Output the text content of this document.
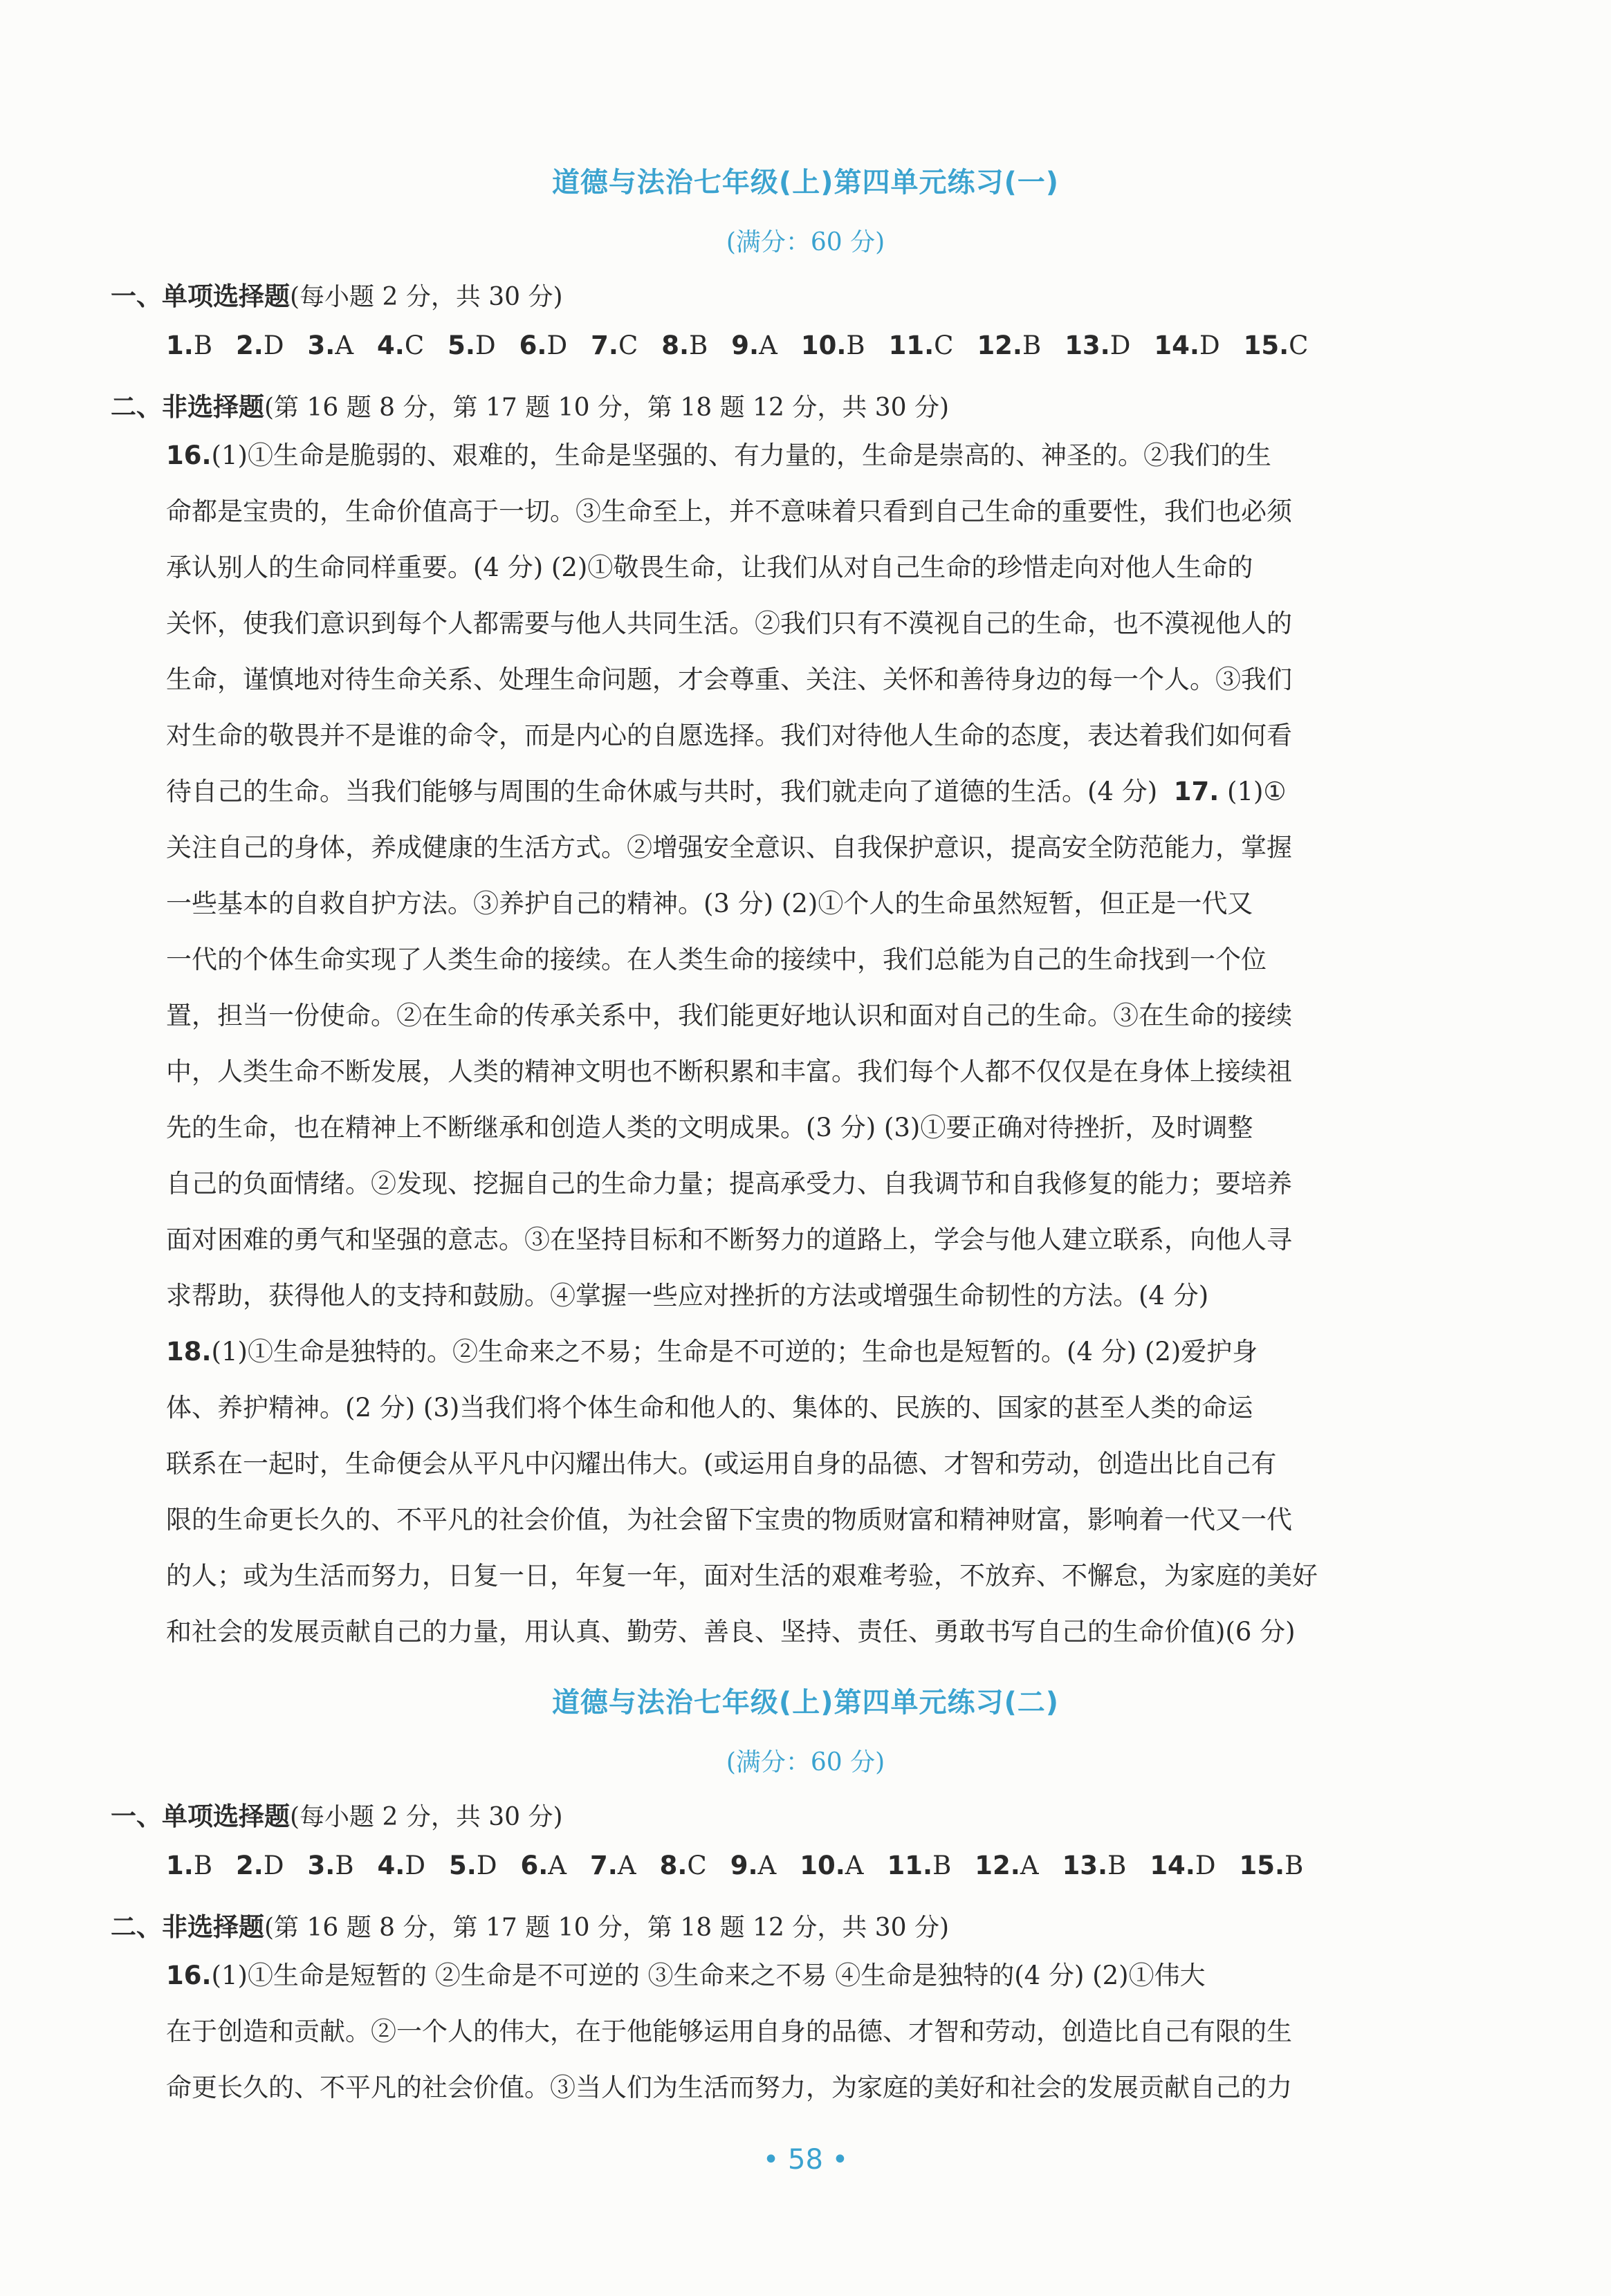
道德与法治七年级(上)第四单元练习(一)
(满分：60 分)
一、单项选择题(每小题 2 分，共 30 分)
1.B 2.D 3.A 4.C 5.D 6.D 7.C 8.B 9.A 10.B 11.C 12.B 13.D 14.D 15.C
二、非选择题(第 16 题 8 分，第 17 题 10 分，第 18 题 12 分，共 30 分)
16.(1)①生命是脆弱的、艰难的，生命是坚强的、有力量的，生命是崇高的、神圣的。②我们的生
命都是宝贵的，生命价值高于一切。③生命至上，并不意味着只看到自己生命的重要性，我们也必须
承认别人的生命同样重要。(4 分) (2)①敬畏生命，让我们从对自己生命的珍惜走向对他人生命的
关怀，使我们意识到每个人都需要与他人共同生活。②我们只有不漠视自己的生命，也不漠视他人的
生命，谨慎地对待生命关系、处理生命问题，才会尊重、关注、关怀和善待身边的每一个人。③我们
对生命的敬畏并不是谁的命令，而是内心的自愿选择。我们对待他人生命的态度，表达着我们如何看
待自己的生命。当我们能够与周围的生命休戚与共时，我们就走向了道德的生活。(4 分) 17. (1)①
关注自己的身体，养成健康的生活方式。②增强安全意识、自我保护意识，提高安全防范能力，掌握
一些基本的自救自护方法。③养护自己的精神。(3 分) (2)①个人的生命虽然短暂，但正是一代又
一代的个体生命实现了人类生命的接续。在人类生命的接续中，我们总能为自己的生命找到一个位
置，担当一份使命。②在生命的传承关系中，我们能更好地认识和面对自己的生命。③在生命的接续
中，人类生命不断发展，人类的精神文明也不断积累和丰富。我们每个人都不仅仅是在身体上接续祖
先的生命，也在精神上不断继承和创造人类的文明成果。(3 分) (3)①要正确对待挫折，及时调整
自己的负面情绪。②发现、挖掘自己的生命力量；提高承受力、自我调节和自我修复的能力；要培养
面对困难的勇气和坚强的意志。③在坚持目标和不断努力的道路上，学会与他人建立联系，向他人寻
求帮助，获得他人的支持和鼓励。④掌握一些应对挫折的方法或增强生命韧性的方法。(4 分)
18.(1)①生命是独特的。②生命来之不易；生命是不可逆的；生命也是短暂的。(4 分) (2)爱护身
体、养护精神。(2 分) (3)当我们将个体生命和他人的、集体的、民族的、国家的甚至人类的命运
联系在一起时，生命便会从平凡中闪耀出伟大。(或运用自身的品德、才智和劳动，创造出比自己有
限的生命更长久的、不平凡的社会价值，为社会留下宝贵的物质财富和精神财富，影响着一代又一代
的人；或为生活而努力，日复一日，年复一年，面对生活的艰难考验，不放弃、不懈怠，为家庭的美好
和社会的发展贡献自己的力量，用认真、勤劳、善良、坚持、责任、勇敢书写自己的生命价值)(6 分)
道德与法治七年级(上)第四单元练习(二)
(满分：60 分)
一、单项选择题(每小题 2 分，共 30 分)
1.B 2.D 3.B 4.D 5.D 6.A 7.A 8.C 9.A 10.A 11.B 12.A 13.B 14.D 15.B
二、非选择题(第 16 题 8 分，第 17 题 10 分，第 18 题 12 分，共 30 分)
16.(1)①生命是短暂的 ②生命是不可逆的 ③生命来之不易 ④生命是独特的(4 分) (2)①伟大
在于创造和贡献。②一个人的伟大，在于他能够运用自身的品德、才智和劳动，创造比自己有限的生
命更长久的、不平凡的社会价值。③当人们为生活而努力，为家庭的美好和社会的发展贡献自己的力
• 58 •
